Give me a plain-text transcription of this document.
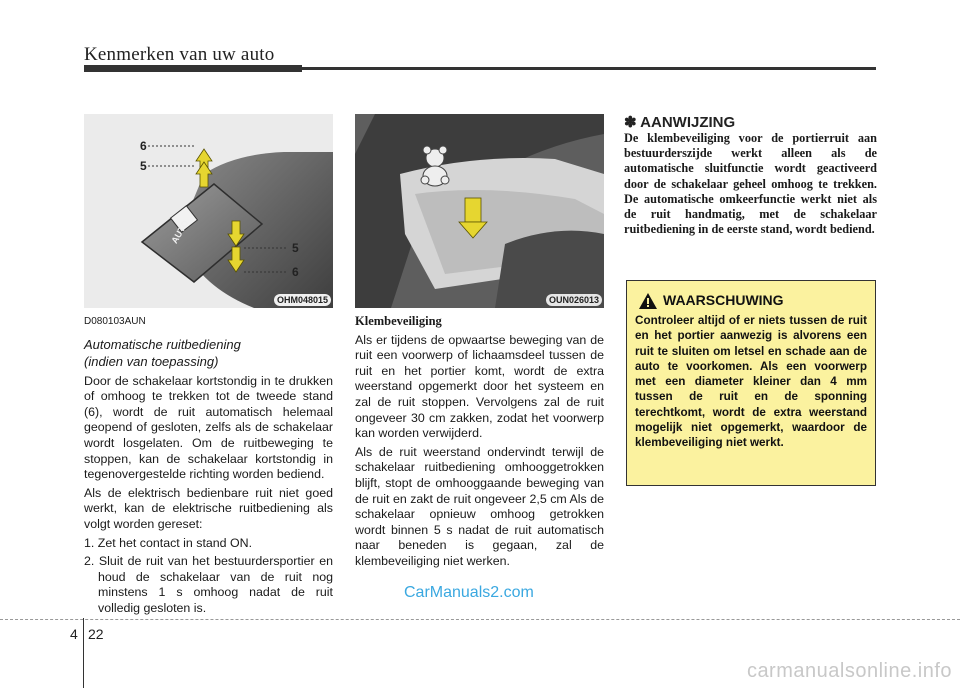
Kenmerken van uw auto
AUTO
6
5
5
6
OHM048015	OUN026013

D080103AUN

Automatische ruitbediening
(indien van toepassing)

Door de schakelaar kortstondig in te drukken of omhoog te trekken tot de tweede stand (6), wordt de ruit automatisch helemaal geopend of gesloten, zelfs als de schakelaar wordt losgelaten. Om de ruitbeweging te stoppen, kan de schakelaar kortstondig in tegenovergestelde richting worden bediend.

Als de elektrisch bedienbare ruit niet goed werkt, kan de elektrische ruitbediening als volgt worden gereset:

1. Zet het contact in stand ON.

2. Sluit de ruit van het bestuurdersportier en houd de schakelaar van de ruit nog minstens 1 s omhoog nadat de ruit volledig gesloten is.

Klembeveiliging

Als er tijdens de opwaartse beweging van de ruit een voorwerp of lichaamsdeel tussen de ruit en het portier komt, wordt de extra weerstand opgemerkt door het systeem en zal de ruit stoppen. Vervolgens zal de ruit ongeveer 30 cm zakken, zodat het voorwerp kan worden verwijderd.

Als de ruit weerstand ondervindt terwijl de schakelaar ruitbediening omhooggetrokken blijft, stopt de omhooggaande beweging van de ruit en zakt de ruit ongeveer 2,5 cm Als de schakelaar opnieuw omhoog getrokken wordt binnen 5 s nadat de ruit automatisch naar beneden is gegaan, zal de klembeveiliging niet werken.

✽ AANWIJZING
De klembeveiliging voor de portierruit aan bestuurderszijde werkt alleen als de automatische sluitfunctie wordt geactiveerd door de schakelaar geheel omhoog te trekken. De automatische omkeerfunctie werkt niet als de ruit handmatig, met de schakelaar ruitbediening in de eerste stand, wordt bediend.
WAARSCHUWING
Controleer altijd of er niets tussen de ruit en het portier aanwezig is alvorens een ruit te sluiten om letsel en schade aan de auto te voorkomen. Als een voorwerp met een diameter kleiner dan 4 mm tussen de ruit en de sponning terechtkomt, wordt de extra weerstand mogelijk niet opgemerkt, waardoor de klembeveiliging niet werkt.
CarManuals2.com
4 22
carmanualsonline.info
